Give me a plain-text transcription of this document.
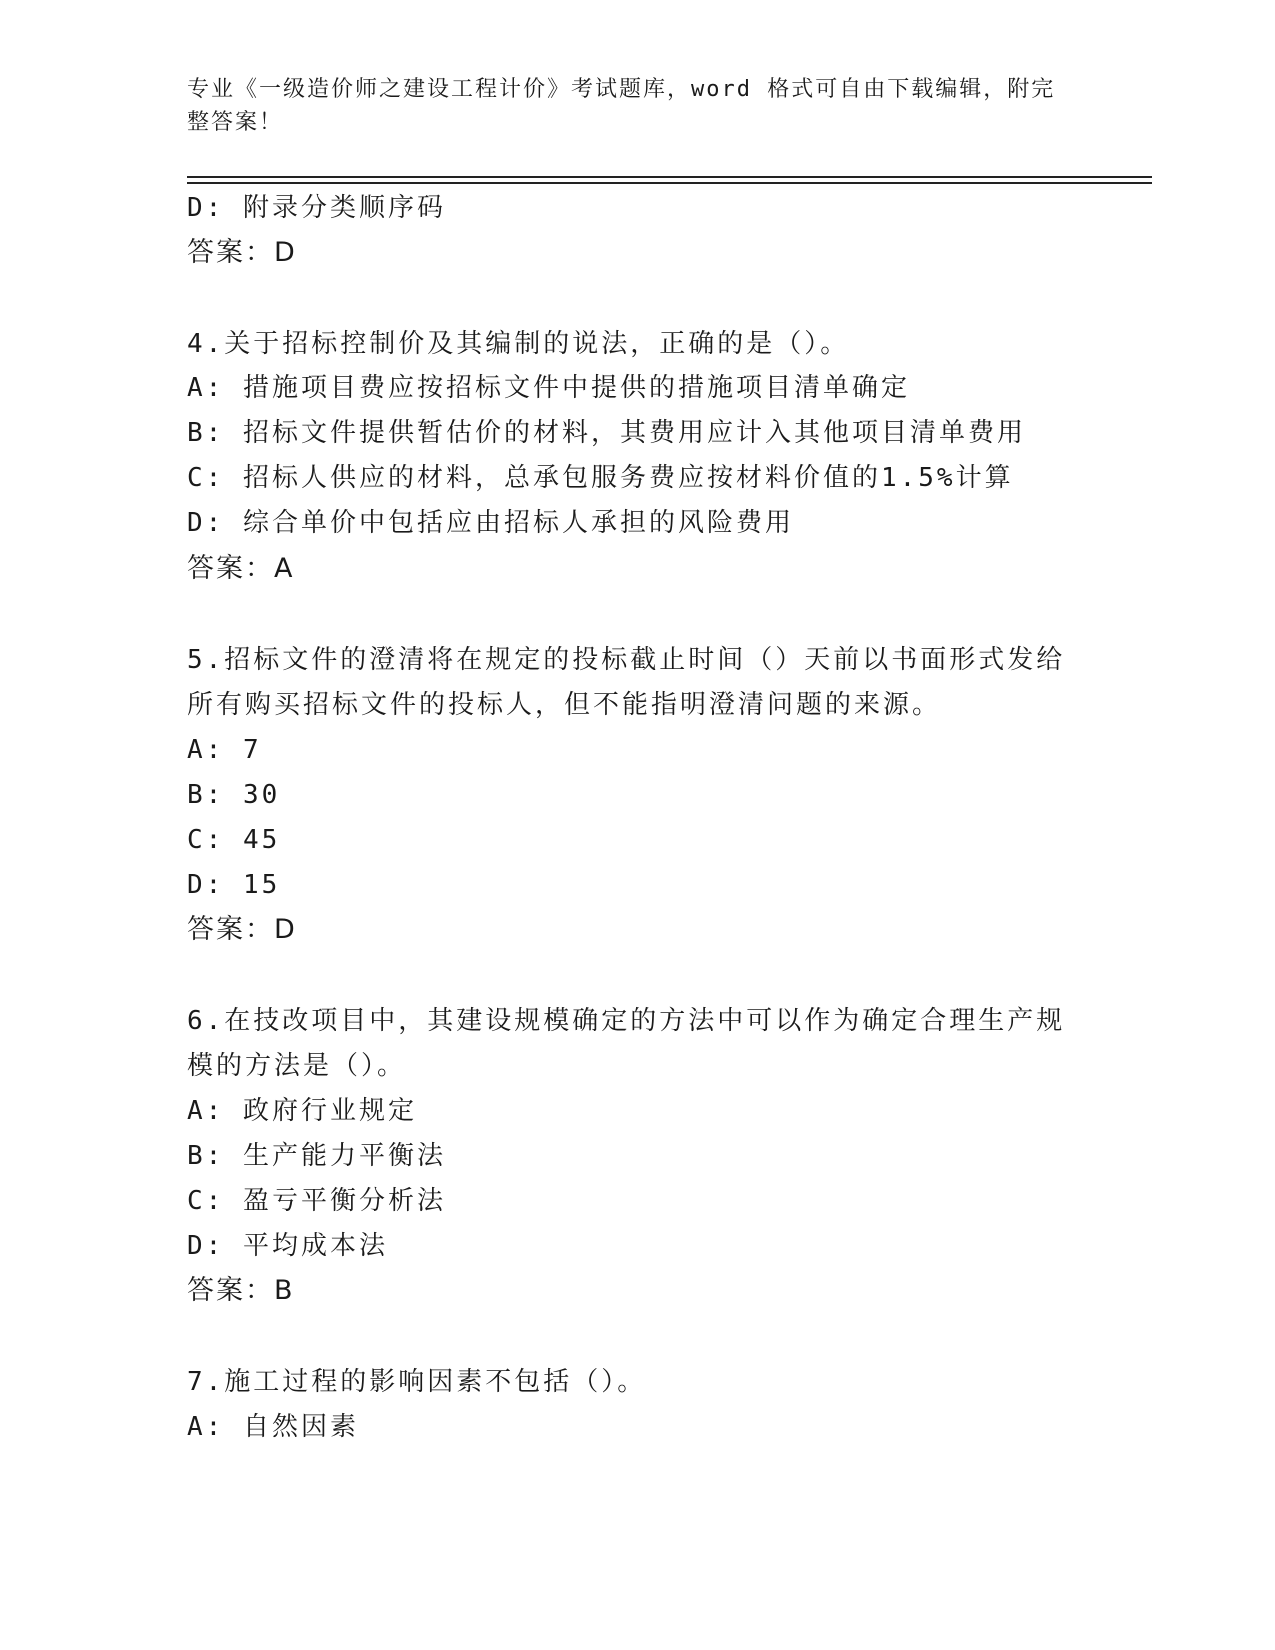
专业《一级造价师之建设工程计价》考试题库，word 格式可自由下载编辑，附完
整答案！
D: 附录分类顺序码
答案：D
4.关于招标控制价及其编制的说法，正确的是（）。
A: 措施项目费应按招标文件中提供的措施项目清单确定
B: 招标文件提供暂估价的材料，其费用应计入其他项目清单费用
C: 招标人供应的材料，总承包服务费应按材料价值的1.5%计算
D: 综合单价中包括应由招标人承担的风险费用
答案：A
5.招标文件的澄清将在规定的投标截止时间（）天前以书面形式发给
所有购买招标文件的投标人，但不能指明澄清问题的来源。
A: 7
B: 30
C: 45
D: 15
答案：D
6.在技改项目中，其建设规模确定的方法中可以作为确定合理生产规
模的方法是（）。
A: 政府行业规定
B: 生产能力平衡法
C: 盈亏平衡分析法
D: 平均成本法
答案：B
7.施工过程的影响因素不包括（）。
A: 自然因素
